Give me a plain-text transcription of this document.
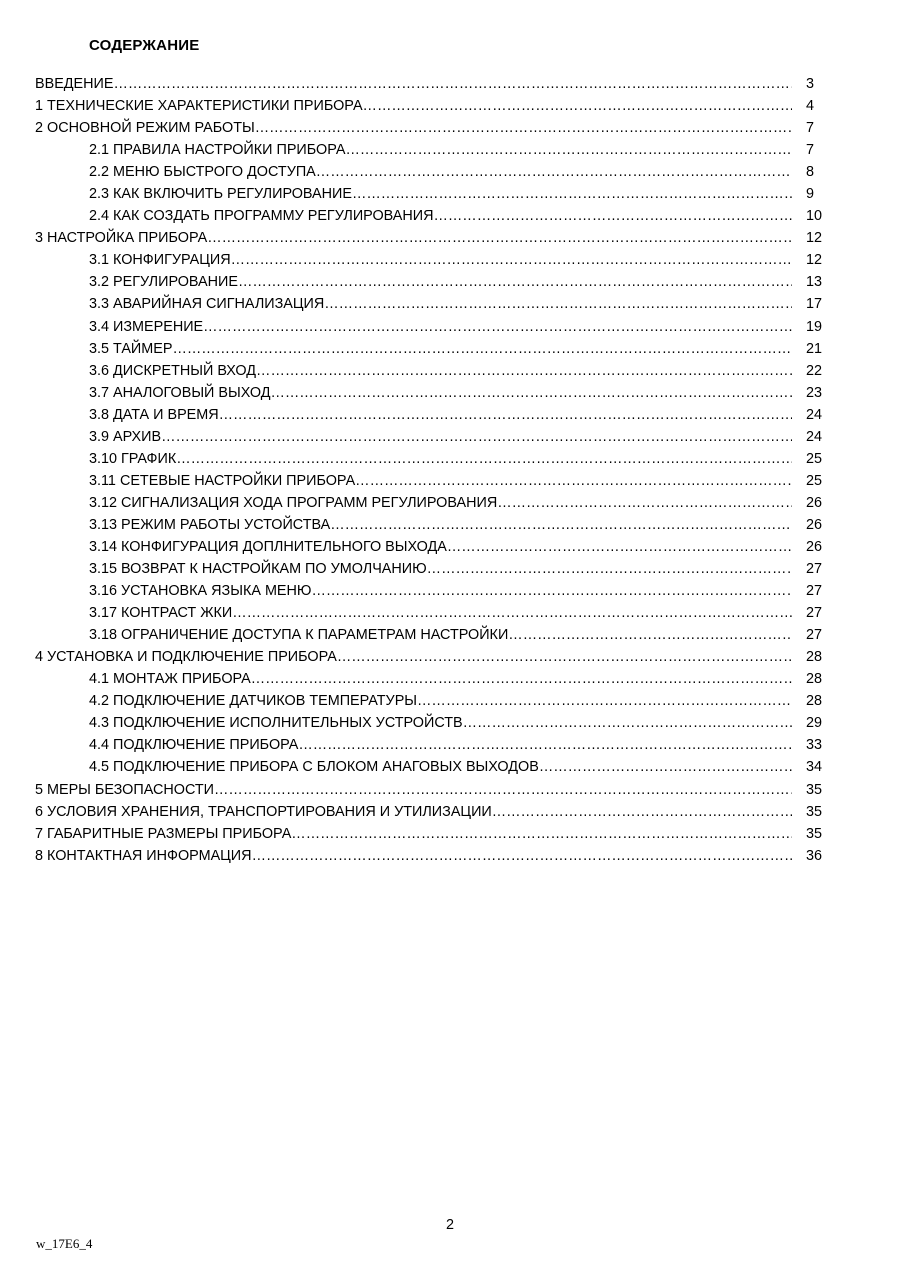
СОДЕРЖАНИЕ
ВВЕДЕНИЕ ………………………………………………………………………………………………………………………………………………………………………………………………………………………………………………………………………………………………………………………………	3
1 ТЕХНИЧЕСКИЕ ХАРАКТЕРИСТИКИ ПРИБОРА ………………………………………………………………………………………………………………………………………………………………………………………………………………………………………………………………………………………………………………………………	4
2 ОСНОВНОЙ РЕЖИМ РАБОТЫ ………………………………………………………………………………………………………………………………………………………………………………………………………………………………………………………………………………………………………………………………	7
2.1 ПРАВИЛА НАСТРОЙКИ ПРИБОРА ………………………………………………………………………………………………………………………………………………………………………………………………………………………………………………………………………………………………………………………………	7
2.2 МЕНЮ БЫСТРОГО ДОСТУПА ………………………………………………………………………………………………………………………………………………………………………………………………………………………………………………………………………………………………………………………………	8
2.3 КАК ВКЛЮЧИТЬ РЕГУЛИРОВАНИЕ ………………………………………………………………………………………………………………………………………………………………………………………………………………………………………………………………………………………………………………………………	9
2.4 КАК СОЗДАТЬ ПРОГРАММУ РЕГУЛИРОВАНИЯ ………………………………………………………………………………………………………………………………………………………………………………………………………………………………………………………………………………………………………………………………	10
3 НАСТРОЙКА ПРИБОРА ………………………………………………………………………………………………………………………………………………………………………………………………………………………………………………………………………………………………………………………………	12
3.1 КОНФИГУРАЦИЯ ………………………………………………………………………………………………………………………………………………………………………………………………………………………………………………………………………………………………………………………………	12
3.2 РЕГУЛИРОВАНИЕ ………………………………………………………………………………………………………………………………………………………………………………………………………………………………………………………………………………………………………………………………	13
3.3 АВАРИЙНАЯ СИГНАЛИЗАЦИЯ ………………………………………………………………………………………………………………………………………………………………………………………………………………………………………………………………………………………………………………………………	17
3.4 ИЗМЕРЕНИЕ ………………………………………………………………………………………………………………………………………………………………………………………………………………………………………………………………………………………………………………………………	19
3.5 ТАЙМЕР ………………………………………………………………………………………………………………………………………………………………………………………………………………………………………………………………………………………………………………………………	21
3.6 ДИСКРЕТНЫЙ ВХОД ………………………………………………………………………………………………………………………………………………………………………………………………………………………………………………………………………………………………………………………………	22
3.7 АНАЛОГОВЫЙ ВЫХОД ………………………………………………………………………………………………………………………………………………………………………………………………………………………………………………………………………………………………………………………………	23
3.8 ДАТА И ВРЕМЯ ………………………………………………………………………………………………………………………………………………………………………………………………………………………………………………………………………………………………………………………………	24
3.9 АРХИВ ………………………………………………………………………………………………………………………………………………………………………………………………………………………………………………………………………………………………………………………………	24
3.10 ГРАФИК ………………………………………………………………………………………………………………………………………………………………………………………………………………………………………………………………………………………………………………………………	25
3.11 СЕТЕВЫЕ НАСТРОЙКИ ПРИБОРА ………………………………………………………………………………………………………………………………………………………………………………………………………………………………………………………………………………………………………………………………	25
3.12 СИГНАЛИЗАЦИЯ ХОДА ПРОГРАММ РЕГУЛИРОВАНИЯ ………………………………………………………………………………………………………………………………………………………………………………………………………………………………………………………………………………………………………………………………	26
3.13 РЕЖИМ РАБОТЫ УСТОЙСТВА ………………………………………………………………………………………………………………………………………………………………………………………………………………………………………………………………………………………………………………………………	26
3.14 КОНФИГУРАЦИЯ ДОПЛНИТЕЛЬНОГО ВЫХОДА ………………………………………………………………………………………………………………………………………………………………………………………………………………………………………………………………………………………………………………………………	26
3.15 ВОЗВРАТ К НАСТРОЙКАМ ПО УМОЛЧАНИЮ ………………………………………………………………………………………………………………………………………………………………………………………………………………………………………………………………………………………………………………………………	27
3.16 УСТАНОВКА ЯЗЫКА МЕНЮ ………………………………………………………………………………………………………………………………………………………………………………………………………………………………………………………………………………………………………………………………	27
3.17 КОНТРАСТ ЖКИ ………………………………………………………………………………………………………………………………………………………………………………………………………………………………………………………………………………………………………………………………	27
3.18 ОГРАНИЧЕНИЕ ДОСТУПА К ПАРАМЕТРАМ НАСТРОЙКИ ………………………………………………………………………………………………………………………………………………………………………………………………………………………………………………………………………………………………………………………………	27
4 УСТАНОВКА И ПОДКЛЮЧЕНИЕ ПРИБОРА ………………………………………………………………………………………………………………………………………………………………………………………………………………………………………………………………………………………………………………………………	28
4.1 МОНТАЖ ПРИБОРА ………………………………………………………………………………………………………………………………………………………………………………………………………………………………………………………………………………………………………………………………	28
4.2 ПОДКЛЮЧЕНИЕ ДАТЧИКОВ ТЕМПЕРАТУРЫ ………………………………………………………………………………………………………………………………………………………………………………………………………………………………………………………………………………………………………………………………	28
4.3 ПОДКЛЮЧЕНИЕ ИСПОЛНИТЕЛЬНЫХ УСТРОЙСТВ ………………………………………………………………………………………………………………………………………………………………………………………………………………………………………………………………………………………………………………………………	29
4.4 ПОДКЛЮЧЕНИЕ ПРИБОРА ………………………………………………………………………………………………………………………………………………………………………………………………………………………………………………………………………………………………………………………………	33
4.5 ПОДКЛЮЧЕНИЕ ПРИБОРА С БЛОКОМ АНАГОВЫХ ВЫХОДОВ ………………………………………………………………………………………………………………………………………………………………………………………………………………………………………………………………………………………………………………………………	34
5 МЕРЫ БЕЗОПАСНОСТИ ………………………………………………………………………………………………………………………………………………………………………………………………………………………………………………………………………………………………………………………………	35
6 УСЛОВИЯ ХРАНЕНИЯ, ТРАНСПОРТИРОВАНИЯ И УТИЛИЗАЦИИ ………………………………………………………………………………………………………………………………………………………………………………………………………………………………………………………………………………………………………………………………	35
7 ГАБАРИТНЫЕ РАЗМЕРЫ ПРИБОРА ………………………………………………………………………………………………………………………………………………………………………………………………………………………………………………………………………………………………………………………………	35
8 КОНТАКТНАЯ ИНФОРМАЦИЯ ………………………………………………………………………………………………………………………………………………………………………………………………………………………………………………………………………………………………………………………………	36
2
w_17E6_4
